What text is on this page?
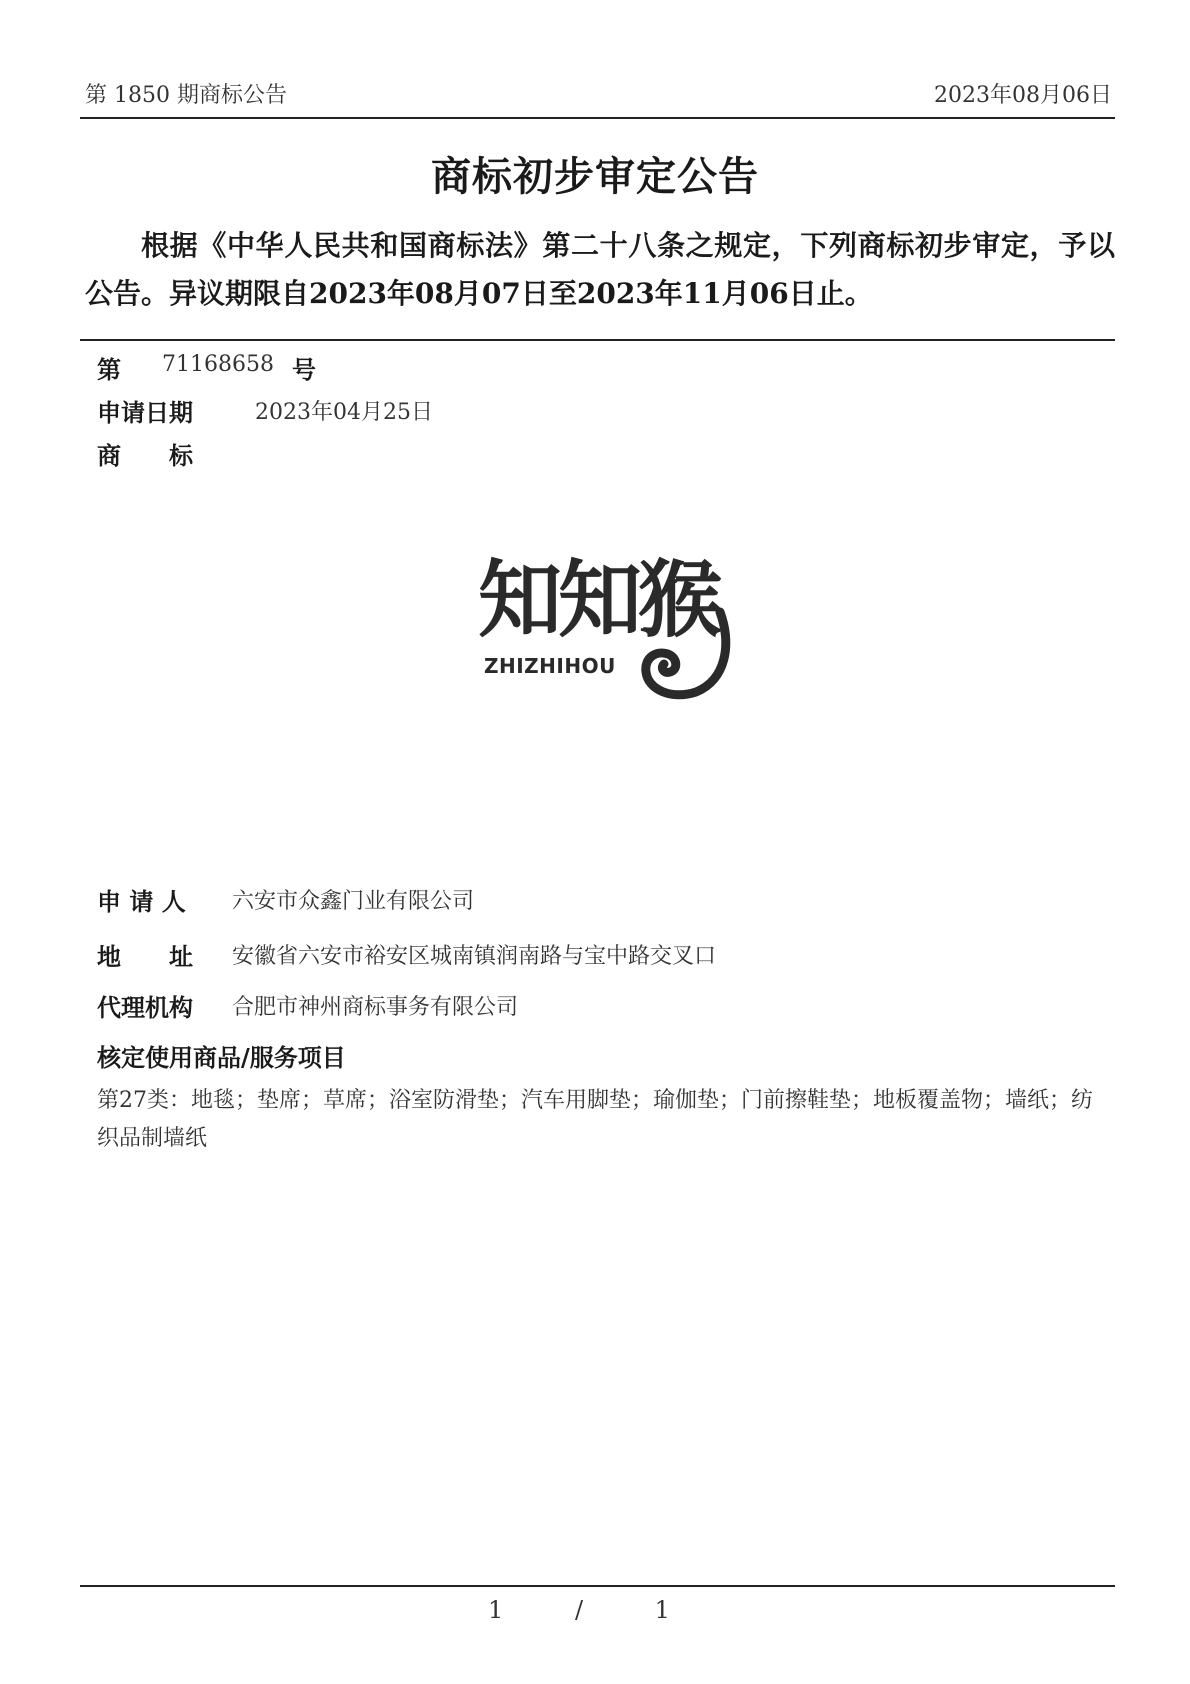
第 1850 期商标公告	2023年08月06日
商标初步审定公告
根据《中华人民共和国商标法》第二十八条之规定，下列商标初步审定，予以公告。异议期限自2023年08月07日至2023年11月06日止。
第 71168658 号
申请日期	2023年04月25日
商　　标
知知猴
ZHIZHIHOU
申 请 人 六安市众鑫门业有限公司
地　　址 安徽省六安市裕安区城南镇润南路与宝中路交叉口
代理机构 合肥市神州商标事务有限公司
核定使用商品/服务项目
第27类：地毯；垫席；草席；浴室防滑垫；汽车用脚垫；瑜伽垫；门前擦鞋垫；地板覆盖物；墙纸；纺织品制墙纸
1 / 1
